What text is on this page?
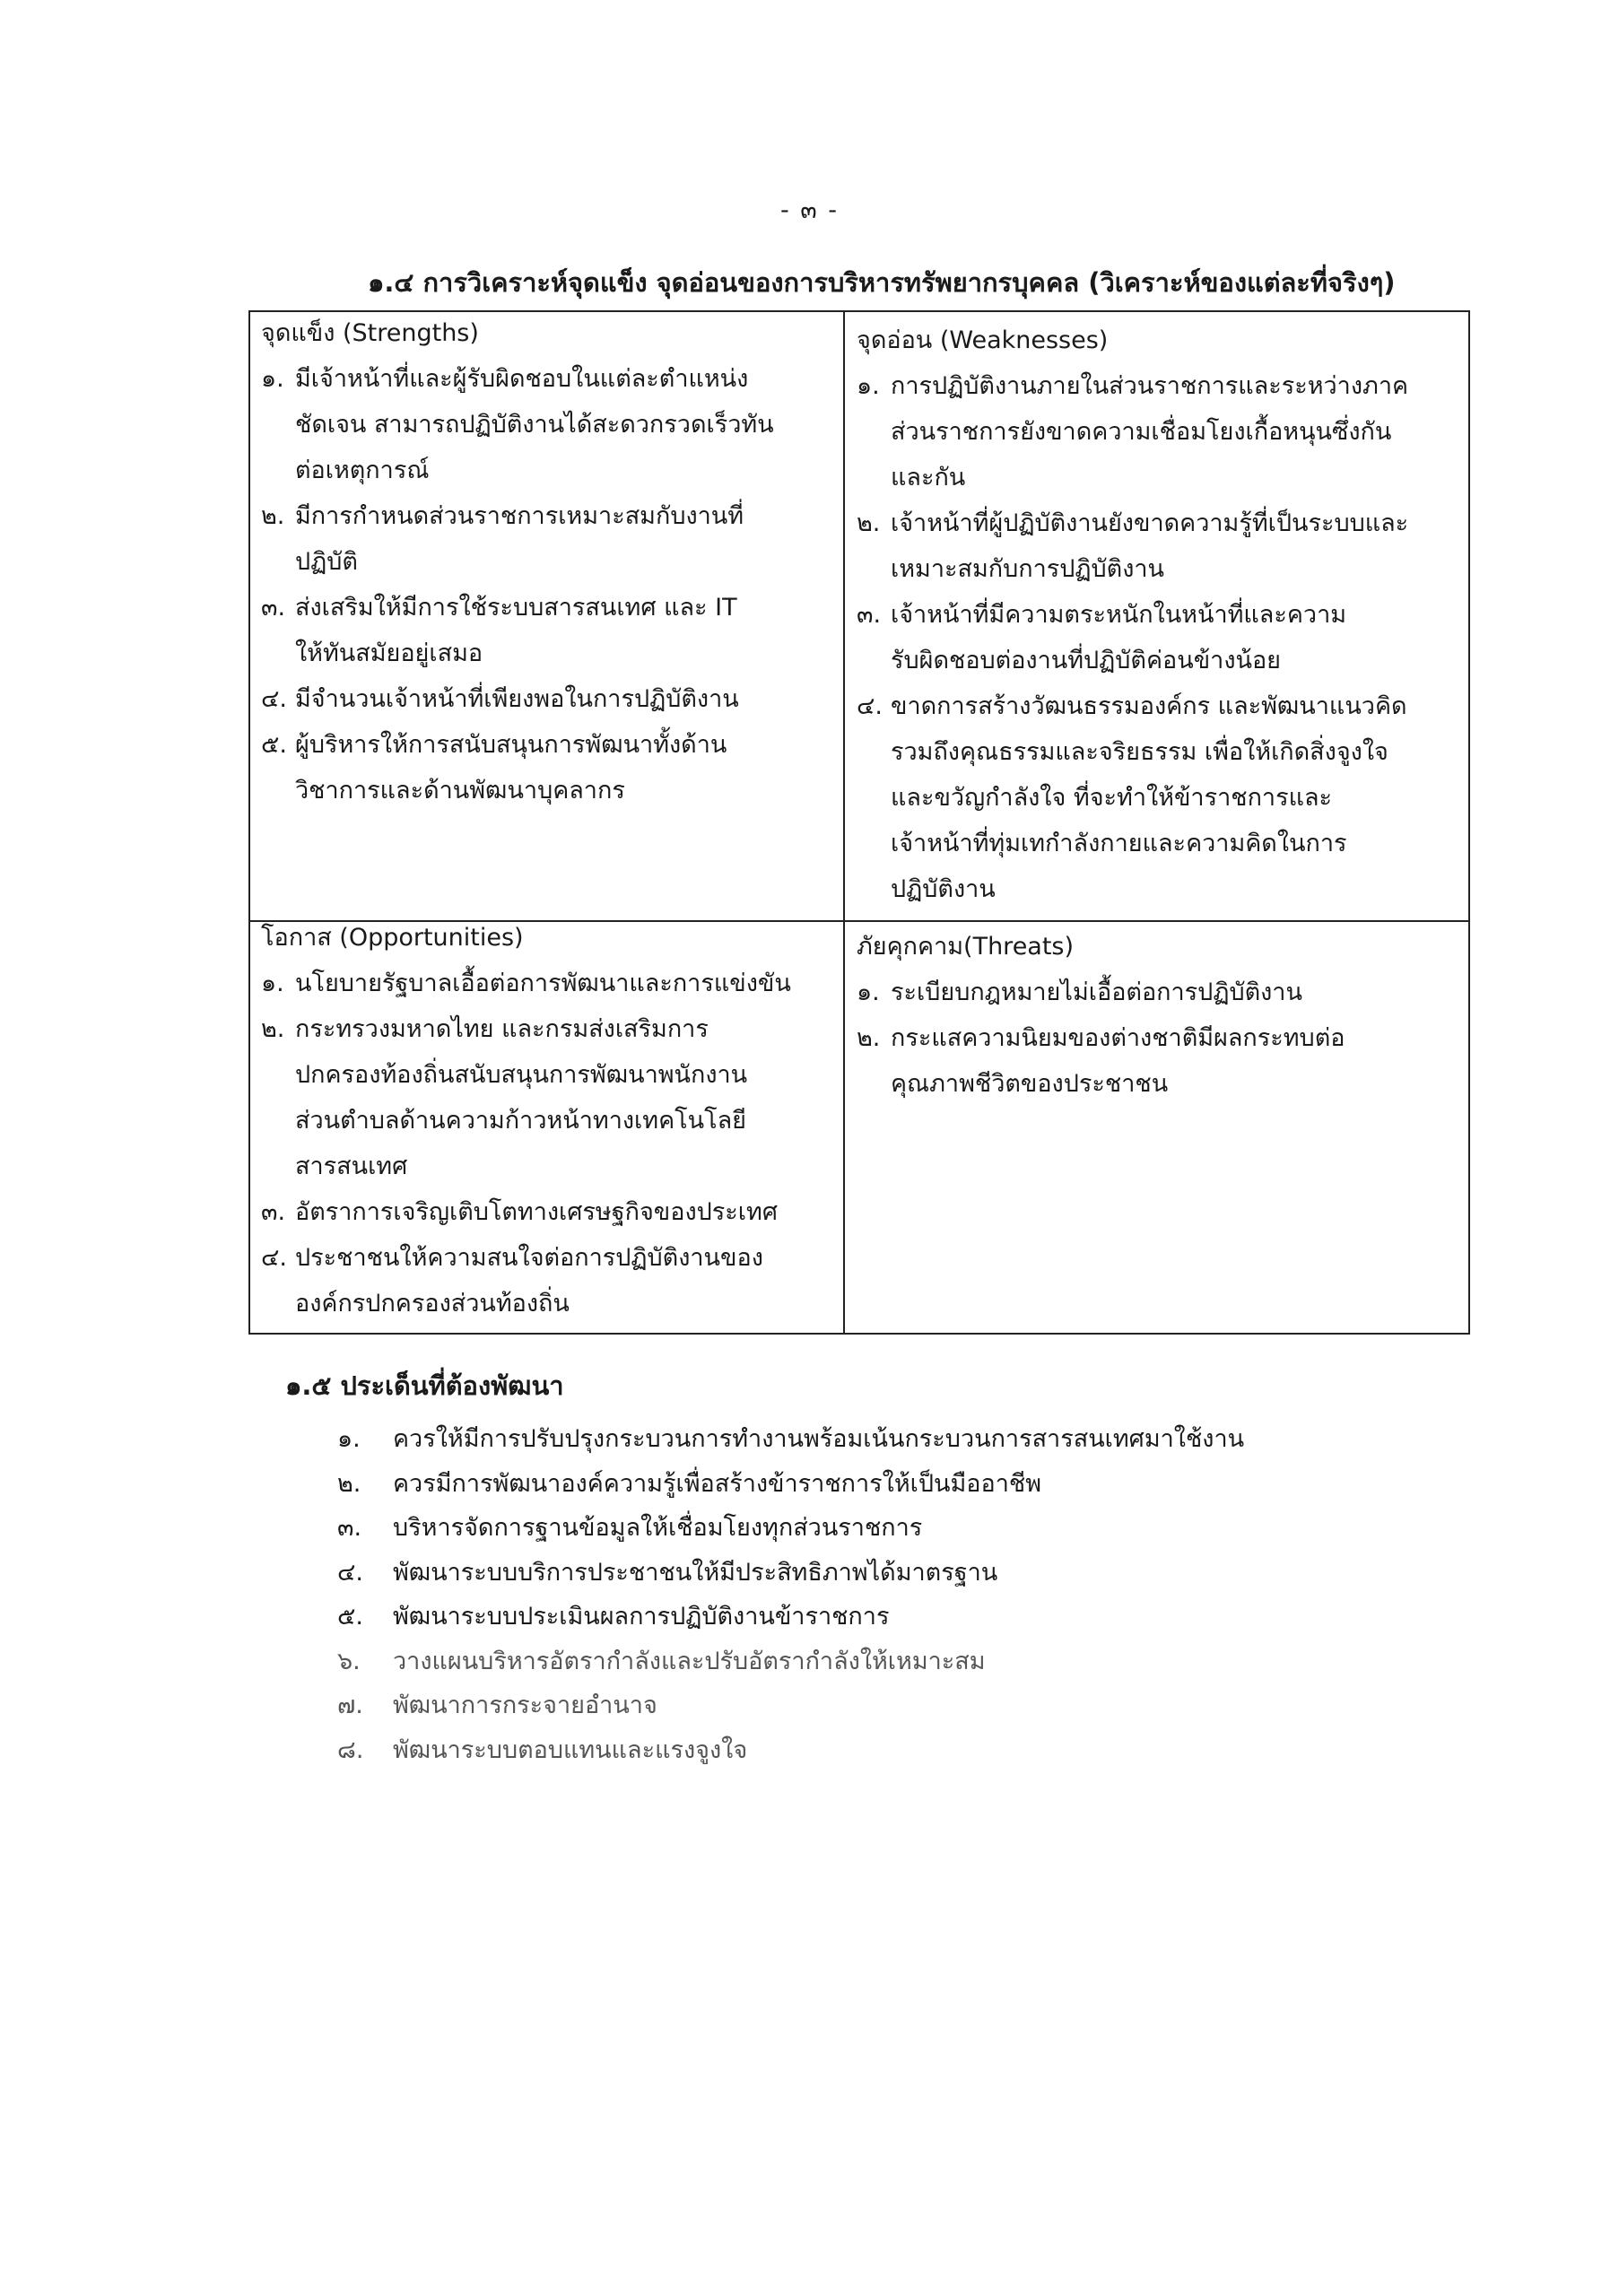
- ๓ -
๑.๔ การวิเคราะห์จุดแข็ง จุดอ่อนของการบริหารทรัพยากรบุคคล (วิเคราะห์ของแต่ละที่จริงๆ)
จุดแข็ง (Strengths)
๑. มีเจ้าหน้าที่และผู้รับผิดชอบในแต่ละตำแหน่ง
ชัดเจน สามารถปฏิบัติงานได้สะดวกรวดเร็วทัน
ต่อเหตุการณ์
๒. มีการกำหนดส่วนราชการเหมาะสมกับงานที่
ปฏิบัติ
๓. ส่งเสริมให้มีการใช้ระบบสารสนเทศ และ IT
ให้ทันสมัยอยู่เสมอ
๔. มีจำนวนเจ้าหน้าที่เพียงพอในการปฏิบัติงาน
๕. ผู้บริหารให้การสนับสนุนการพัฒนาทั้งด้าน
วิชาการและด้านพัฒนาบุคลากร
จุดอ่อน (Weaknesses)
๑. การปฏิบัติงานภายในส่วนราชการและระหว่างภาค
ส่วนราชการยังขาดความเชื่อมโยงเกื้อหนุนซึ่งกัน
และกัน
๒. เจ้าหน้าที่ผู้ปฏิบัติงานยังขาดความรู้ที่เป็นระบบและ
เหมาะสมกับการปฏิบัติงาน
๓. เจ้าหน้าที่มีความตระหนักในหน้าที่และความ
รับผิดชอบต่องานที่ปฏิบัติค่อนข้างน้อย
๔. ขาดการสร้างวัฒนธรรมองค์กร และพัฒนาแนวคิด
รวมถึงคุณธรรมและจริยธรรม เพื่อให้เกิดสิ่งจูงใจ
และขวัญกำลังใจ ที่จะทำให้ข้าราชการและ
เจ้าหน้าที่ทุ่มเทกำลังกายและความคิดในการ
ปฏิบัติงาน
โอกาส (Opportunities)
๑. นโยบายรัฐบาลเอื้อต่อการพัฒนาและการแข่งขัน
๒. กระทรวงมหาดไทย และกรมส่งเสริมการ
ปกครองท้องถิ่นสนับสนุนการพัฒนาพนักงาน
ส่วนตำบลด้านความก้าวหน้าทางเทคโนโลยี
สารสนเทศ
๓. อัตราการเจริญเติบโตทางเศรษฐกิจของประเทศ
๔. ประชาชนให้ความสนใจต่อการปฏิบัติงานของ
องค์กรปกครองส่วนท้องถิ่น
ภัยคุกคาม(Threats)
๑. ระเบียบกฎหมายไม่เอื้อต่อการปฏิบัติงาน
๒. กระแสความนิยมของต่างชาติมีผลกระทบต่อ
คุณภาพชีวิตของประชาชน
๑.๕ ประเด็นที่ต้องพัฒนา
๑.	ควรให้มีการปรับปรุงกระบวนการทำงานพร้อมเน้นกระบวนการสารสนเทศมาใช้งาน
๒.	ควรมีการพัฒนาองค์ความรู้เพื่อสร้างข้าราชการให้เป็นมืออาชีพ
๓.	บริหารจัดการฐานข้อมูลให้เชื่อมโยงทุกส่วนราชการ
๔.	พัฒนาระบบบริการประชาชนให้มีประสิทธิภาพได้มาตรฐาน
๕.	พัฒนาระบบประเมินผลการปฏิบัติงานข้าราชการ
๖.	วางแผนบริหารอัตรากำลังและปรับอัตรากำลังให้เหมาะสม
๗.	พัฒนาการกระจายอำนาจ
๘.	พัฒนาระบบตอบแทนและแรงจูงใจ
